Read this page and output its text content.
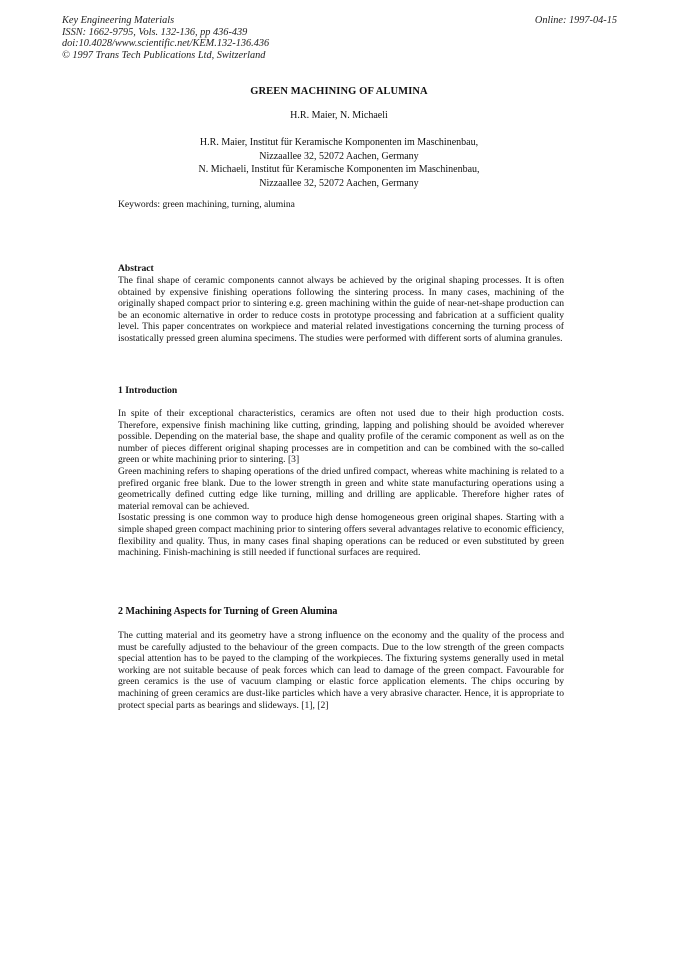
Key Engineering Materials
ISSN: 1662-9795, Vols. 132-136, pp 436-439
doi:10.4028/www.scientific.net/KEM.132-136.436
© 1997 Trans Tech Publications Ltd, Switzerland
Online: 1997-04-15
GREEN MACHINING OF ALUMINA
H.R. Maier, N. Michaeli
H.R. Maier, Institut für Keramische Komponenten im Maschinenbau,
Nizzaallee 32, 52072 Aachen, Germany
N. Michaeli, Institut für Keramische Komponenten im Maschinenbau,
Nizzaallee 32, 52072 Aachen, Germany
Keywords: green machining, turning, alumina
Abstract

The final shape of ceramic components cannot always be achieved by the original shaping processes. It is often obtained by expensive finishing operations following the sintering process. In many cases, machining of the originally shaped compact prior to sintering e.g. green machining within the guide of near-net-shape production can be an economic alternative in order to reduce costs in prototype processing and fabrication at a sufficient quality level. This paper concentrates on workpiece and material related investigations concerning the turning process of isostatically pressed green alumina specimens. The studies were performed with different sorts of alumina granules.

1 Introduction

In spite of their exceptional characteristics, ceramics are often not used due to their high production costs. Therefore, expensive finish machining like cutting, grinding, lapping and polishing should be avoided wherever possible. Depending on the material base, the shape and quality profile of the ceramic component as well as on the number of pieces different original shaping processes are in competition and can be combined with the so-called green or white machining prior to sintering. [3]

Green machining refers to shaping operations of the dried unfired compact, whereas white machining is related to a prefired organic free blank. Due to the lower strength in green and white state manufacturing operations using a geometrically defined cutting edge like turning, milling and drilling are applicable. Therefore higher rates of material removal can be achieved.

Isostatic pressing is one common way to produce high dense homogeneous green original shapes. Starting with a simple shaped green compact machining prior to sintering offers several advantages relative to economic efficiency, flexibility and quality. Thus, in many cases final shaping operations can be reduced or even substituted by green machining. Finish-machining is still needed if functional surfaces are required.

2 Machining Aspects for Turning of Green Alumina

The cutting material and its geometry have a strong influence on the economy and the quality of the process and must be carefully adjusted to the behaviour of the green compacts. Due to the low strength of the green compacts special attention has to be payed to the clamping of the workpieces. The fixturing systems generally used in metal working are not suitable because of peak forces which can lead to damage of the green compact. Favourable for green ceramics is the use of vacuum clamping or elastic force application elements. The chips occuring by machining of green ceramics are dust-like particles which have a very abrasive character. Hence, it is appropriate to protect special parts as bearings and slideways. [1], [2]
